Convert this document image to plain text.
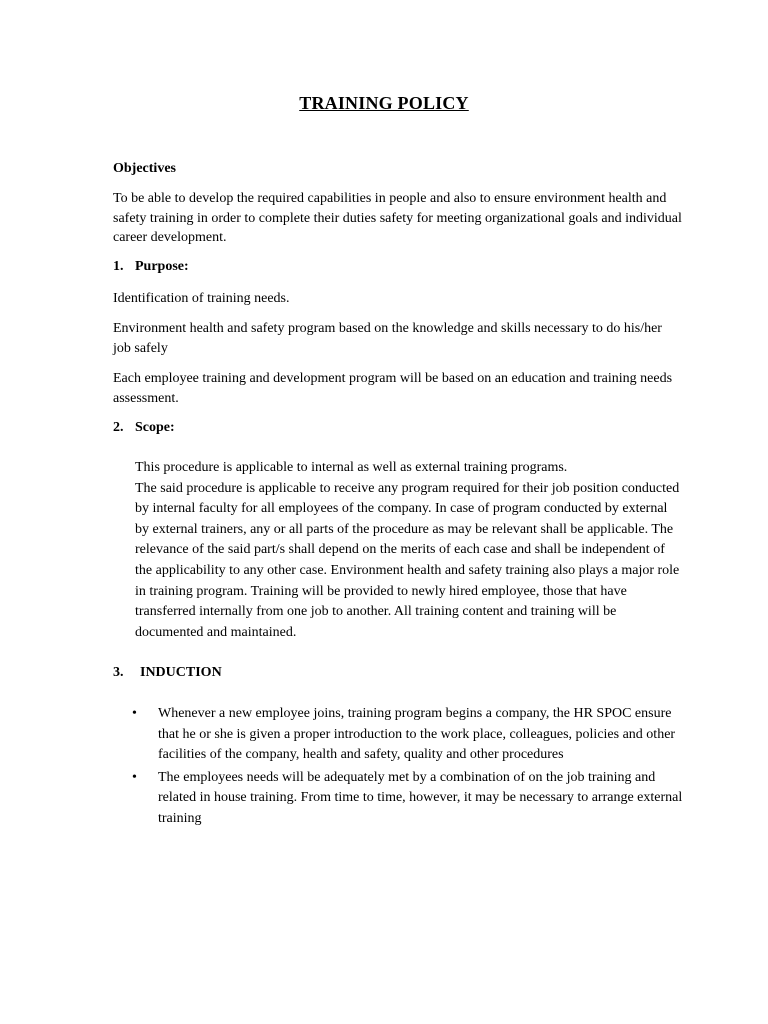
TRAINING POLICY
Objectives
To be able to develop the required capabilities in people and also to ensure environment health and safety training in order to complete their duties safety for meeting organizational goals and individual career development.
1. Purpose:
Identification of training needs.
Environment health and safety program based on the knowledge and skills necessary to do his/her job safely
Each employee training and development program will be based on an education and training needs assessment.
2. Scope:
This procedure is applicable to internal as well as external training programs.
The said procedure is applicable to receive any program required for their job position conducted by internal faculty for all employees of the company. In case of program conducted by external by external trainers, any or all parts of the procedure as may be relevant shall be applicable. The relevance of the said part/s shall depend on the merits of each case and shall be independent of the applicability to any other case. Environment health and safety training also plays a major role in training program. Training will be provided to newly hired employee, those that have transferred internally from one job to another. All training content and training will be documented and maintained.
3. INDUCTION
• Whenever a new employee joins, training program begins a company, the HR SPOC ensure that he or she is given a proper introduction to the work place, colleagues, policies and other facilities of the company, health and safety, quality and other procedures
• The employees needs will be adequately met by a combination of on the job training and related in house training. From time to time, however, it may be necessary to arrange external training
